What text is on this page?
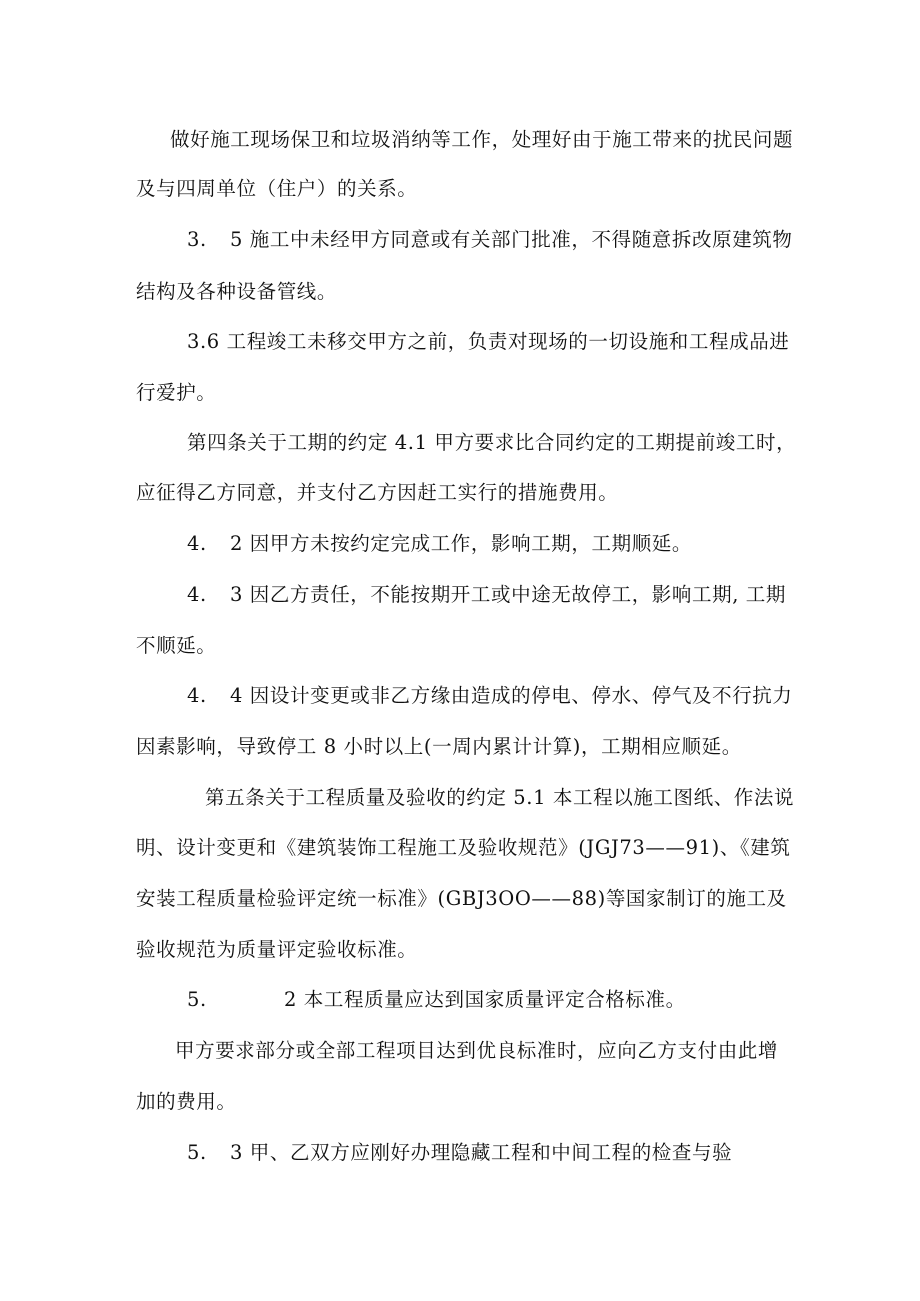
做好施工现场保卫和垃圾消纳等工作，处理好由于施工带来的扰民问题
及与四周单位（住户）的关系。
3. 5 施工中未经甲方同意或有关部门批准，不得随意拆改原建筑物
结构及各种设备管线。
3.6 工程竣工未移交甲方之前，负责对现场的一切设施和工程成品进
行爱护。
第四条关于工期的约定 4.1 甲方要求比合同约定的工期提前竣工时，
应征得乙方同意，并支付乙方因赶工实行的措施费用。
4. 2 因甲方未按约定完成工作，影响工期，工期顺延。
4. 3 因乙方责任，不能按期开工或中途无故停工，影响工期, 工期
不顺延。
4. 4 因设计变更或非乙方缘由造成的停电、停水、停气及不行抗力
因素影响，导致停工 8 小时以上(一周内累计计算)，工期相应顺延。
第五条关于工程质量及验收的约定 5.1 本工程以施工图纸、作法说
明、设计变更和《建筑装饰工程施工及验收规范》(JGJ73——91)、《建筑
安装工程质量检验评定统一标准》(GBJ3OO——88)等国家制订的施工及
验收规范为质量评定验收标准。
5.	2 本工程质量应达到国家质量评定合格标准。
甲方要求部分或全部工程项目达到优良标准时，应向乙方支付由此增
加的费用。
5. 3 甲、乙双方应刚好办理隐藏工程和中间工程的检查与验
